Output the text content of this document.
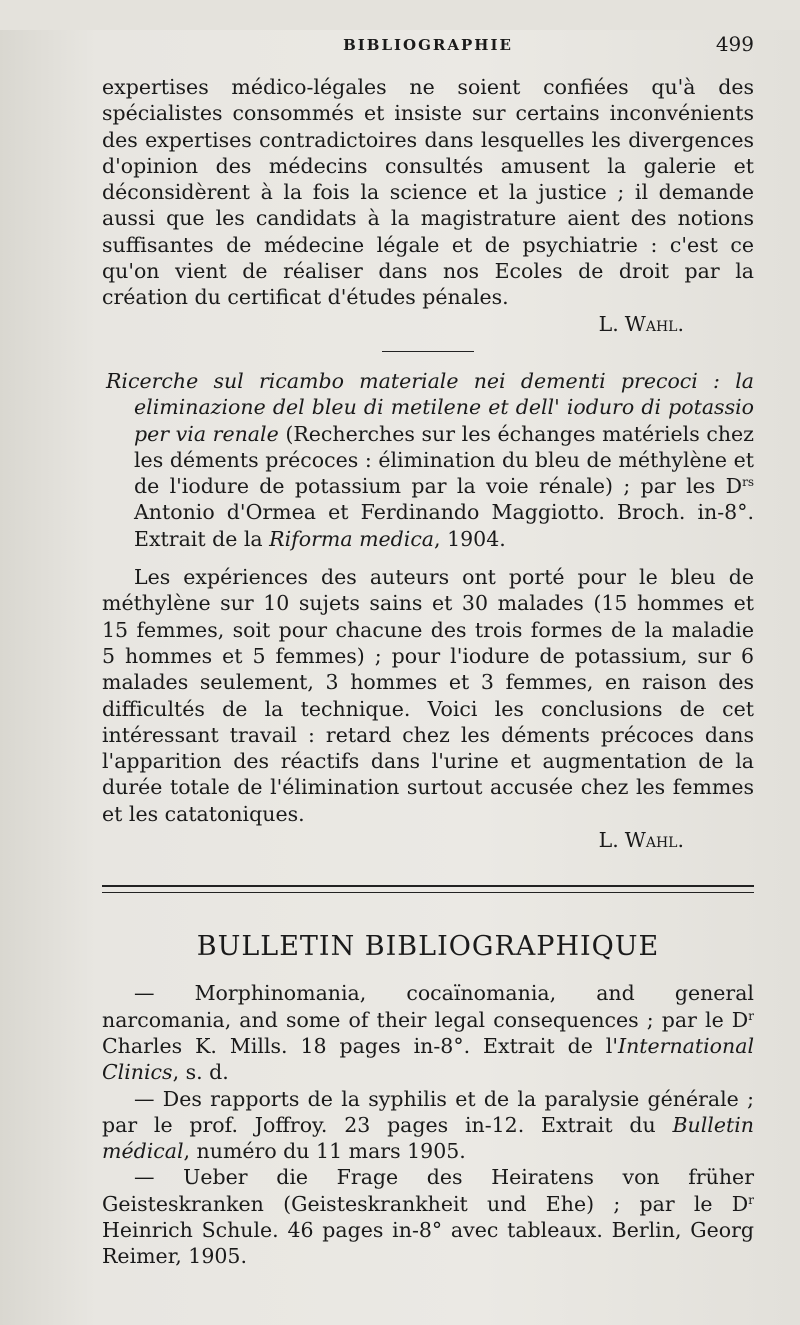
BIBLIOGRAPHIE	499

expertises médico-légales ne soient confiées qu'à des spécialistes consommés et insiste sur certains inconvénients des expertises contradictoires dans lesquelles les divergences d'opinion des médecins consultés amusent la galerie et déconsidèrent à la fois la science et la justice ; il demande aussi que les candidats à la magistrature aient des notions suffisantes de médecine légale et de psychiatrie : c'est ce qu'on vient de réaliser dans nos Ecoles de droit par la création du certificat d'études pénales.

L. Wahl.

Ricerche sul ricambo materiale nei dementi precoci : la eliminazione del bleu di metilene et dell' ioduro di potassio per via renale (Recherches sur les échanges matériels chez les déments précoces : élimination du bleu de méthylène et de l'iodure de potassium par la voie rénale) ; par les $D^{rs}$ Antonio d'Ormea et Ferdinando Maggiotto. Broch. in-8°. Extrait de la Riforma medica, 1904.

Les expériences des auteurs ont porté pour le bleu de méthylène sur 10 sujets sains et 30 malades (15 hommes et 15 femmes, soit pour chacune des trois formes de la maladie 5 hommes et 5 femmes) ; pour l'iodure de potassium, sur 6 malades seulement, 3 hommes et 3 femmes, en raison des difficultés de la technique. Voici les conclusions de cet intéressant travail : retard chez les déments précoces dans l'apparition des réactifs dans l'urine et augmentation de la durée totale de l'élimination surtout accusée chez les femmes et les catatoniques.

L. Wahl.

BULLETIN BIBLIOGRAPHIQUE

— Morphinomania, cocaïnomania, and general narcomania, and some of their legal consequences ; par le $D^r$ Charles K. Mills. 18 pages in-8°. Extrait de l'International Clinics, s. d.

— Des rapports de la syphilis et de la paralysie générale ; par le prof. Joffroy. 23 pages in-12. Extrait du Bulletin médical, numéro du 11 mars 1905.

— Ueber die Frage des Heiratens von früher Geisteskranken (Geisteskrankheit und Ehe) ; par le $D^r$ Heinrich Schule. 46 pages in-8° avec tableaux. Berlin, Georg Reimer, 1905.
